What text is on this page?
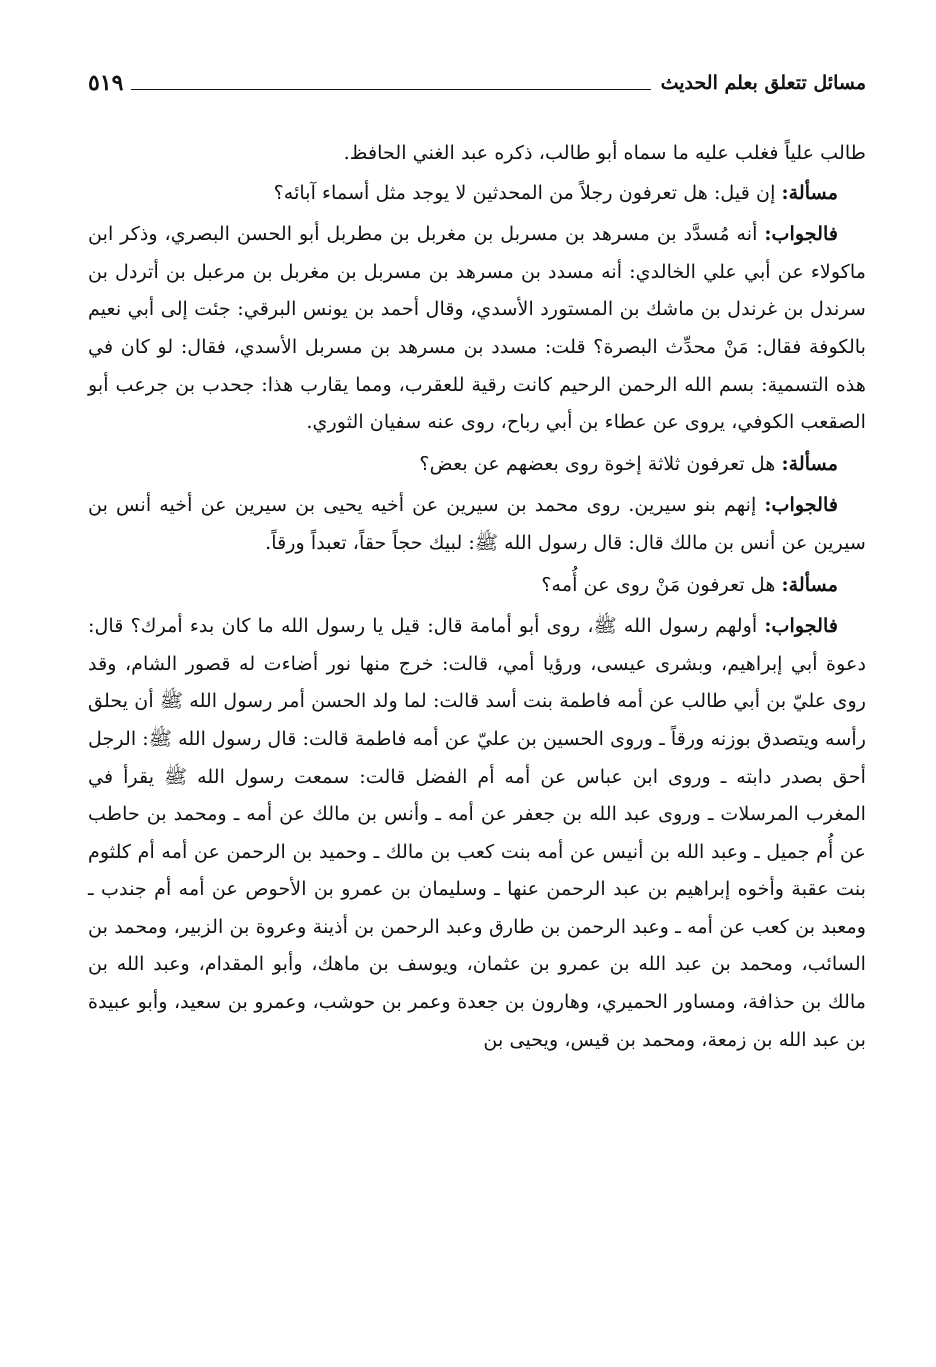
مسائل تتعلق بعلم الحديث
٥١٩

طالب علياً فغلب عليه ما سماه أبو طالب، ذكره عبد الغني الحافظ.

مسألة: إن قيل: هل تعرفون رجلاً من المحدثين لا يوجد مثل أسماء آبائه؟

فالجواب: أنه مُسدَّد بن مسرهد بن مسربل بن مغربل بن مطربل أبو الحسن البصري، وذكر ابن ماكولاء عن أبي علي الخالدي: أنه مسدد بن مسرهد بن مسربل بن مغربل بن مرعبل بن أتردل بن سرندل بن غرندل بن ماشك بن المستورد الأسدي، وقال أحمد بن يونس البرقي: جئت إلى أبي نعيم بالكوفة فقال: مَنْ محدِّث البصرة؟ قلت: مسدد بن مسرهد بن مسربل الأسدي، فقال: لو كان في هذه التسمية: بسم الله الرحمن الرحيم كانت رقية للعقرب، ومما يقارب هذا: جحدب بن جرعب أبو الصقعب الكوفي، يروى عن عطاء بن أبي رباح، روى عنه سفيان الثوري.

مسألة: هل تعرفون ثلاثة إخوة روى بعضهم عن بعض؟

فالجواب: إنهم بنو سيرين. روى محمد بن سيرين عن أخيه يحيى بن سيرين عن أخيه أنس بن سيرين عن أنس بن مالك قال: قال رسول الله ﷺ: لبيك حجاً حقاً، تعبداً ورقاً.

مسألة: هل تعرفون مَنْ روى عن أُمه؟

فالجواب: أولهم رسول الله ﷺ، روى أبو أمامة قال: قيل يا رسول الله ما كان بدء أمرك؟ قال: دعوة أبي إبراهيم، وبشرى عيسى، ورؤيا أمي، قالت: خرج منها نور أضاءت له قصور الشام، وقد روى عليّ بن أبي طالب عن أمه فاطمة بنت أسد قالت: لما ولد الحسن أمر رسول الله ﷺ أن يحلق رأسه ويتصدق بوزنه ورقاً ـ وروى الحسين بن عليّ عن أمه فاطمة قالت: قال رسول الله ﷺ: الرجل أحق بصدر دابته ـ وروى ابن عباس عن أمه أم الفضل قالت: سمعت رسول الله ﷺ يقرأ في المغرب المرسلات ـ وروى عبد الله بن جعفر عن أمه ـ وأنس بن مالك عن أمه ـ ومحمد بن حاطب عن أُم جميل ـ وعبد الله بن أنيس عن أمه بنت كعب بن مالك ـ وحميد بن الرحمن عن أمه أم كلثوم بنت عقبة وأخوه إبراهيم بن عبد الرحمن عنها ـ وسليمان بن عمرو بن الأحوص عن أمه أم جندب ـ ومعبد بن كعب عن أمه ـ وعبد الرحمن بن طارق وعبد الرحمن بن أذينة وعروة بن الزبير، ومحمد بن السائب، ومحمد بن عبد الله بن عمرو بن عثمان، ويوسف بن ماهك، وأبو المقدام، وعبد الله بن مالك بن حذافة، ومساور الحميري، وهارون بن جعدة وعمر بن حوشب، وعمرو بن سعيد، وأبو عبيدة بن عبد الله بن زمعة، ومحمد بن قيس، ويحيى بن
